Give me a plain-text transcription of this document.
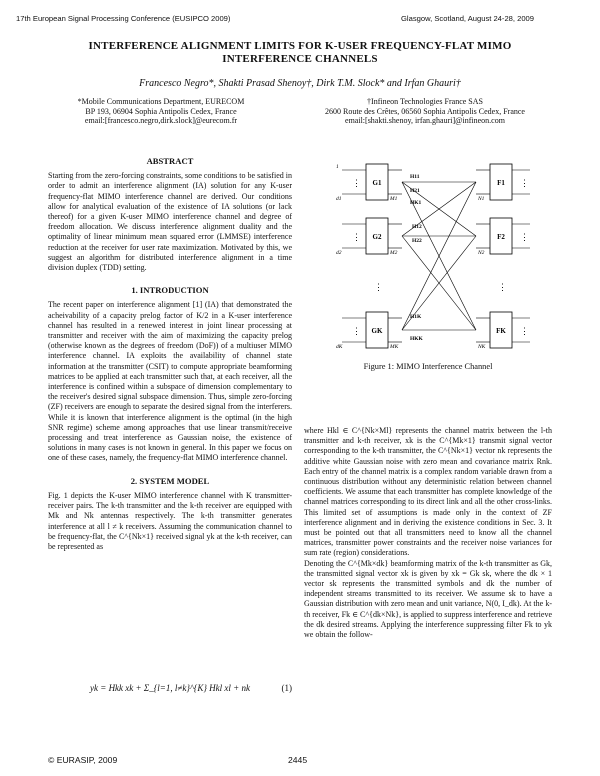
17th European Signal Processing Conference (EUSIPCO 2009)	Glasgow, Scotland, August 24-28, 2009
INTERFERENCE ALIGNMENT LIMITS FOR K-USER FREQUENCY-FLAT MIMO
INTERFERENCE CHANNELS
Francesco Negro*, Shakti Prasad Shenoy†, Dirk T.M. Slock* and Irfan Ghauri†
*Mobile Communications Department, EURECOM
BP 193, 06904 Sophia Antipolis Cedex, France
email:[francesco.negro,dirk.slock]@eurecom.fr
†Infineon Technologies France SAS
2600 Route des Crêtes, 06560 Sophia Antipolis Cedex, France
email:[shakti.shenoy, irfan.ghauri]@infineon.com
ABSTRACT

Starting from the zero-forcing constraints, some conditions to be satisfied in order to admit an interference alignment (IA) solution for any K-user frequency-flat MIMO interference channel are derived. Our conditions allow for analytical evaluation of the existence of IA solutions (or lack thereof) for a given K-user MIMO interference channel and degree of freedom allocation. We discuss interference alignment duality and the optimality of linear minimum mean squared error (LMMSE) interference reduction at the receiver for user rate maximization. Motivated by this, we suggest an algorithm for distributed interference alignment in a time division duplex (TDD) setting.

1. INTRODUCTION

The recent paper on interference alignment [1] (IA) that demonstrated the acheivability of a capacity prelog factor of K/2 in a K-user interference channel has resulted in a renewed interest in joint linear processing at transmitter and receiver with the aim of maximizing the capacity prelog (otherwise known as the degrees of freedom (DoF)) of a multiuser MIMO interference channel. IA exploits the availability of channel state information at the transmitter (CSIT) to compute appropriate beamforming matrices to be applied at each transmitter such that, at each receiver, all the interference is confined within a subspace of dimension complementary to the receiver's desired signal subspace dimension. Thus, simple zero-forcing (ZF) receivers are enough to separate the desired signal from the interferers. While it is known that interference alignment is the optimal (in the high SNR regime) scheme among approaches that use linear transmit/receive processing and treat interference as Gaussian noise, the existence of solutions in many cases is not known in general. In this paper we focus on one of these cases, namely, the frequency-flat MIMO interference channel.

2. SYSTEM MODEL

Fig. 1 depicts the K-user MIMO interference channel with K transmitter-receiver pairs. The k-th transmitter and the k-th receiver are equipped with Mk and Nk antennas respectively. The k-th transmitter generates interference at all l ≠ k receivers. Assuming the communication channel to be frequency-flat, the C^{Nk×1} received signal yk at the k-th receiver, can be represented as

yk = Hkk xk + Σ_{l=1, l≠k}^{K} Hkl xl + nk	(1)
G1
G2
GK
F1
F2
FK
H11
H21
HK1
H12
H22
H1K
HKK
1
d1
d2
dK
M1
M2
MK
N1
N2
NK
⋮
⋮
⋮
⋮
⋮
⋮
⋮	⋮
Figure 1: MIMO Interference Channel

where Hkl ∈ C^{Nk×Ml} represents the channel matrix between the l-th transmitter and k-th receiver, xk is the C^{Mk×1} transmit signal vector corresponding to the k-th transmitter, the C^{Nk×1} vector nk represents the additive white Gaussian noise with zero mean and covariance matrix Rnk. Each entry of the channel matrix is a complex random variable drawn from a continuous distribution without any deterministic relation between channel coefficients. We assume that each transmitter has complete knowledge of the channel matrices corresponding to its direct link and all the other cross-links. This limited set of assumptions is made only in the context of ZF interference alignment and in deriving the existence conditions in Sec. 3. It must be pointed out that all transmitters need to know all the channel matrices, transmitter power constraints and the receiver noise variances for sum rate (region) considerations.

Denoting the C^{Mk×dk} beamforming matrix of the k-th transmitter as Gk, the transmitted signal vector xk is given by xk = Gk sk, where the dk × 1 vector sk represents the transmitted symbols and dk the number of independent streams transmitted to its receiver. We assume sk to have a Gaussian distribution with zero mean and unit variance, N(0, I_dk). At the k-th receiver, Fk ∈ C^{dk×Nk}, is applied to suppress interference and retrieve the dk desired streams. Applying the interference suppressing filter Fk to yk we obtain the follow-

© EURASIP, 2009	2445
